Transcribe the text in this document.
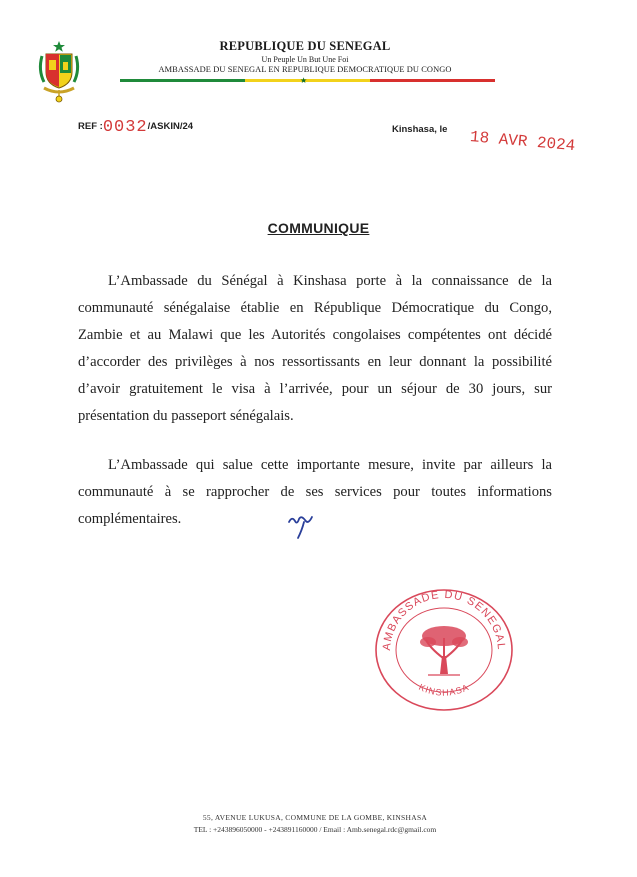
REPUBLIQUE DU SENEGAL
Un Peuple Un But Une Foi
AMBASSADE DU SENEGAL EN REPUBLIQUE DEMOCRATIQUE DU CONGO
★
REF :0032/ASKIN/24	Kinshasa, le 18 AVR 2024
COMMUNIQUE
L’Ambassade du Sénégal à Kinshasa porte à la connaissance de la communauté sénégalaise établie en République Démocratique du Congo, Zambie et au Malawi que les Autorités congolaises compétentes ont décidé d’accorder des privilèges à nos ressortissants en leur donnant la possibilité d’avoir gratuitement le visa à l’arrivée, pour un séjour de 30 jours, sur présentation du passeport sénégalais.
L’Ambassade qui salue cette importante mesure, invite par ailleurs la communauté à se rapprocher de ses services pour toutes informations complémentaires.
AMBASSADE DU SENEGAL
KINSHASA
55, AVENUE LUKUSA, COMMUNE DE LA GOMBE, KINSHASA
TEL : +243896050000 - +243891160000 / Email : Amb.senegal.rdc@gmail.com
